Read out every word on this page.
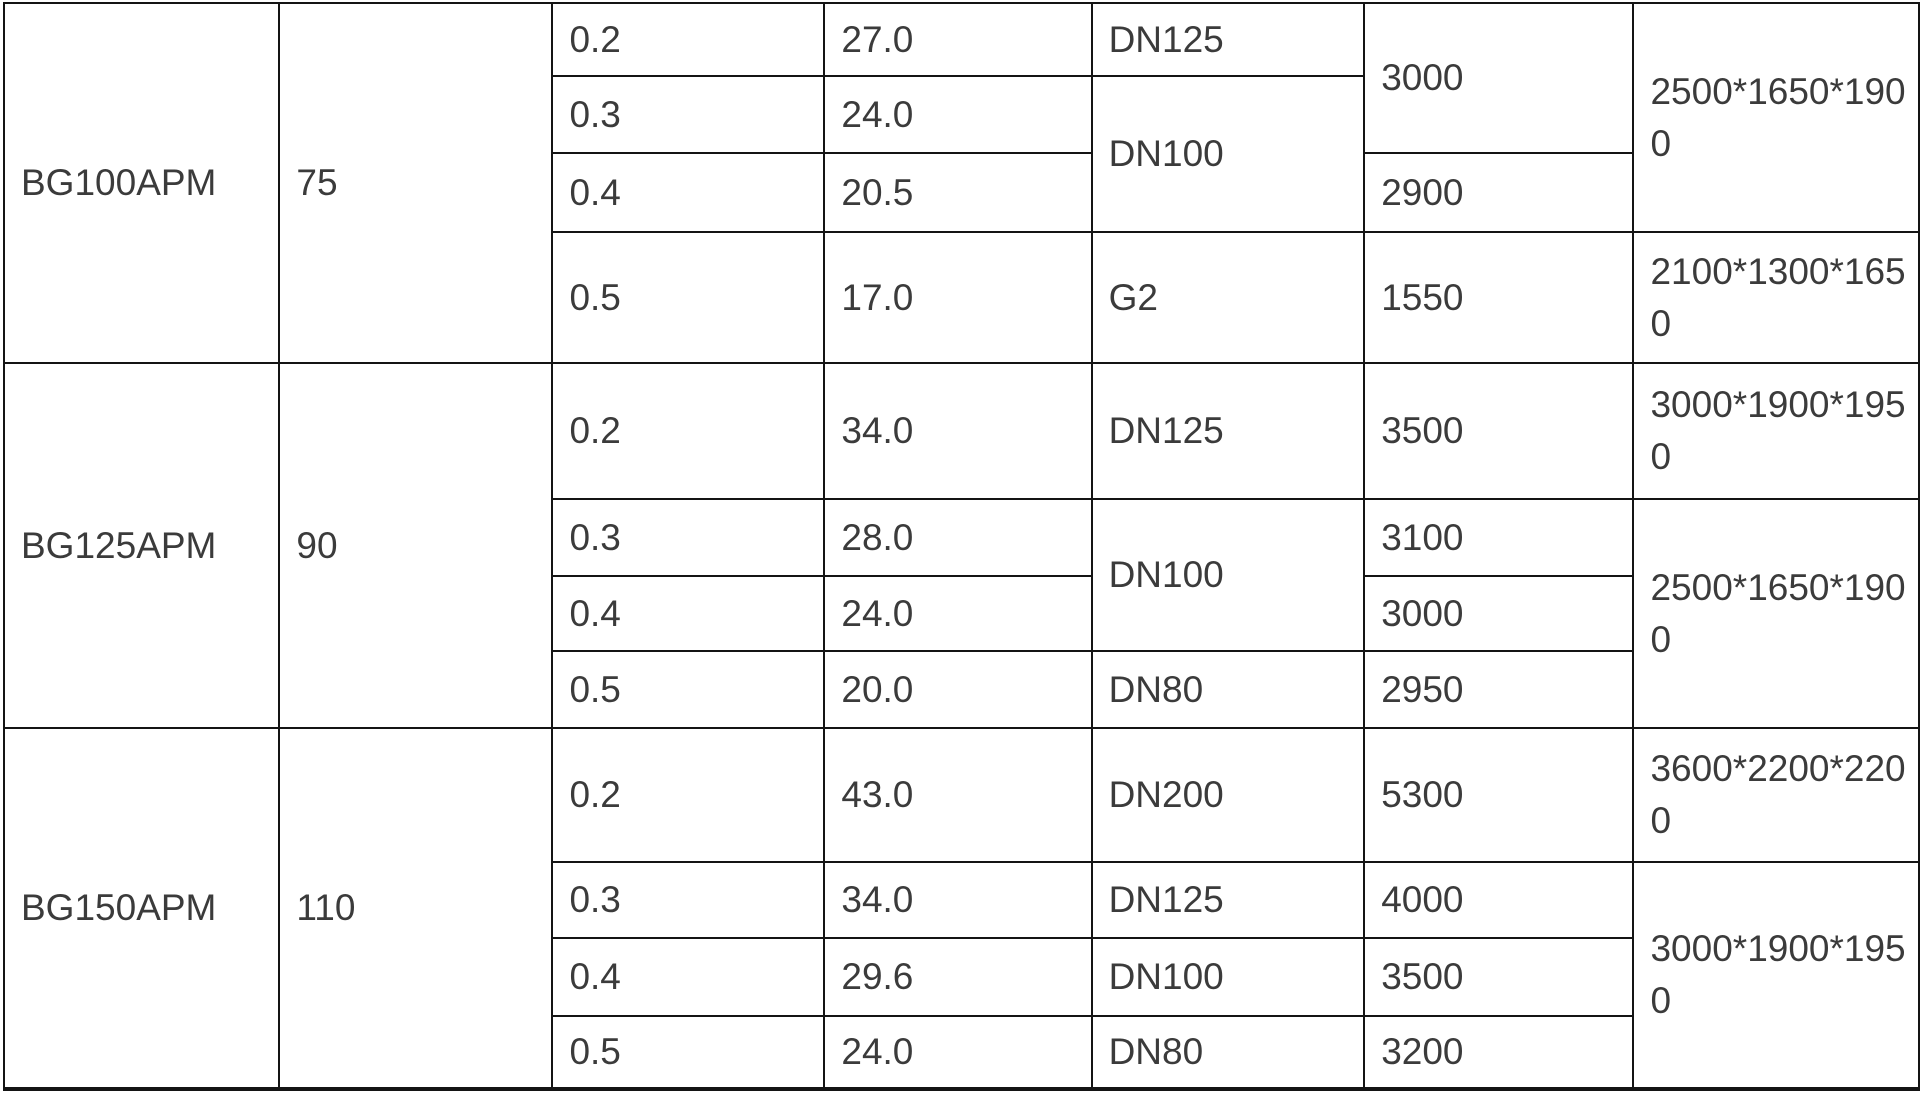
BG100APM	75	0.2	27.0	DN125	3000	2500*1650*1900
		0.3	24.0	DN100		
		0.4	20.5		2900	
		0.5	17.0	G2	1550	2100*1300*1650
BG125APM	90	0.2	34.0	DN125	3500	3000*1900*1950
		0.3	28.0	DN100	3100	2500*1650*1900
		0.4	24.0		3000	
		0.5	20.0	DN80	2950	
BG150APM	110	0.2	43.0	DN200	5300	3600*2200*2200
		0.3	34.0	DN125	4000	3000*1900*1950
		0.4	29.6	DN100	3500	
		0.5	24.0	DN80	3200	
